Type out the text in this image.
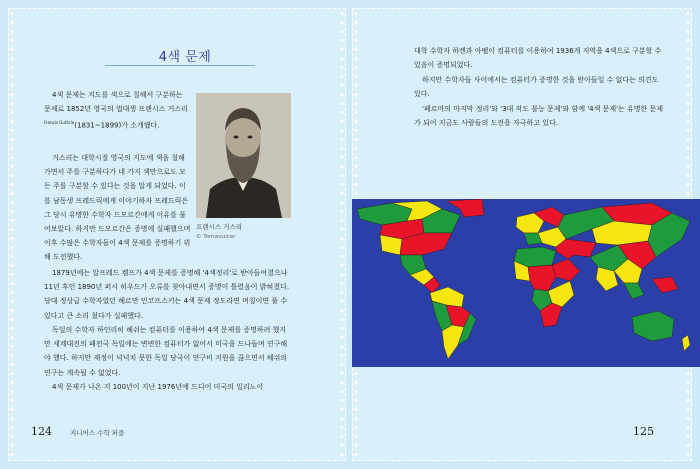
4색 문제

4색 문제는 지도를 색으로 칠해서 구분하는 문제로 1852년 영국의 법대생 프랜시스 거스리$^{Francis Guthrie}$(1831~1899)가 소개했다.

거스리는 대학시절 영국의 지도에 색을 칠해가면서 주를 구분하다가 네 가지 색만으로도 모든 주를 구분할 수 있다는 것을 알게 되었다. 이를 남동생 프레드릭에게 이야기하자 프레드릭은 그 당시 유명한 수학자 드모르간에게 이유를 물어보았다. 하지만 드모르간은 증명에 실패했으며 이후 수많은 수학자들이 4색 문제를 증명하기 위해 도전했다.

1879년에는 알프레드 켐프가 4색 문제를 증명해 '4색정리'로 받아들여졌으나 11년 후인 1890년 퍼시 히우드가 오류를 찾아내면서 증명이 틀렸음이 밝혀졌다. 당대 정상급 수학자였던 헤르만 민코프스키는 4색 문제 정도라면 며칠이면 풀 수 있다고 큰 소리 쳤다가 실패했다.

독일의 수학자 하인리히 헤쉬는 컴퓨터를 이용하여 4색 문제를 증명하려 했지만 세계대전의 패전국 독일에는 변변한 컴퓨터가 없어서 미국을 드나들며 연구해야 했다. 하지만 재정이 넉넉치 못한 독일 당국이 연구비 지원을 끊으면서 헤쉬의 연구는 계속될 수 없었다.

4색 문제가 나온 지 100년이 지난 1976년에 드디어 미국의 일리노이

프랜시스 거스리
© Tomwsulcer
124	지니어스 수학 퍼즐

대학 수학자 하켄과 아펠이 컴퓨터를 이용하여 1936개 지역을 4색으로 구분할 수 있음이 증명되었다.

하지만 수학자들 사이에서는 컴퓨터가 증명한 것을 받아들일 수 없다는 의견도 있다.

'페르마의 마지막 정리'와 '3대 작도 불능 문제'와 함께 '4색 문제'는 유명한 문제가 되어 지금도 사람들의 도전을 자극하고 있다.

125
